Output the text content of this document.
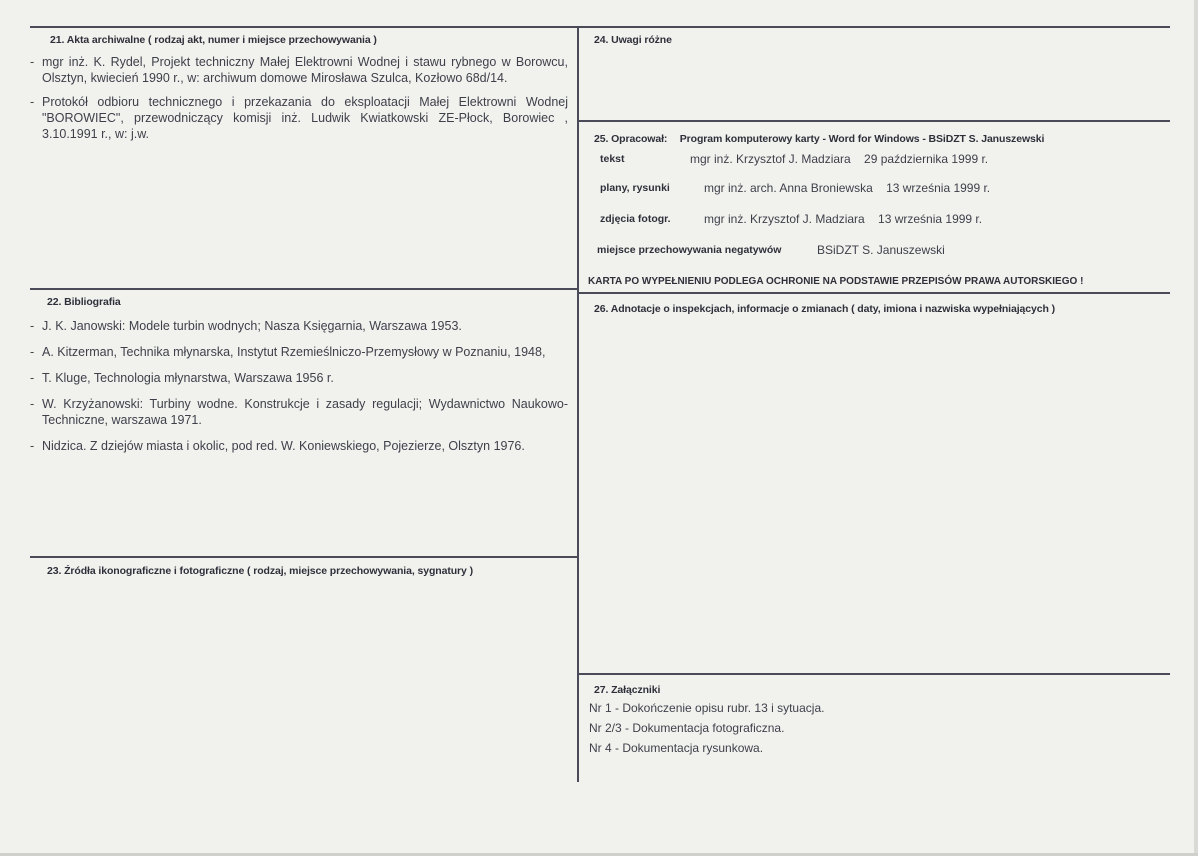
21. Akta archiwalne ( rodzaj akt, numer i miejsce przechowywania )
- mgr inż. K. Rydel, Projekt techniczny Małej Elektrowni Wodnej i stawu rybnego w Borowcu, Olsztyn, kwiecień 1990 r., w: archiwum domowe Mirosława Szulca, Kozłowo 68d/14.
- Protokół odbioru technicznego i przekazania do eksploatacji Małej Elektrowni Wodnej "BOROWIEC", przewodniczący komisji inż. Ludwik Kwiatkowski ZE-Płock, Borowiec , 3.10.1991 r., w: j.w.
22. Bibliografia
- J. K. Janowski: Modele turbin wodnych; Nasza Księgarnia, Warszawa 1953.
- A. Kitzerman, Technika młynarska, Instytut Rzemieślniczo-Przemysłowy w Poznaniu, 1948,
- T. Kluge, Technologia młynarstwa, Warszawa 1956 r.
- W. Krzyżanowski: Turbiny wodne. Konstrukcje i zasady regulacji; Wydawnictwo Naukowo-Techniczne, warszawa 1971.
- Nidzica. Z dziejów miasta i okolic, pod red. W. Koniewskiego, Pojezierze, Olsztyn 1976.
23. Źródła ikonograficzne i fotograficzne ( rodzaj, miejsce przechowywania, sygnatury )
24. Uwagi różne
25. Opracował: Program komputerowy karty - Word for Windows - BSiDZT S. Januszewski
tekst	mgr inż. Krzysztof J. Madziara    29 października 1999 r.
plany, rysunki	mgr inż. arch. Anna Broniewska    13 września 1999 r.
zdjęcia fotogr.	mgr inż. Krzysztof J. Madziara    13 września 1999 r.
miejsce przechowywania negatywów	BSiDZT S. Januszewski
KARTA PO WYPEŁNIENIU PODLEGA OCHRONIE NA PODSTAWIE PRZEPISÓW PRAWA AUTORSKIEGO !
26. Adnotacje o inspekcjach, informacje o zmianach ( daty, imiona i nazwiska wypełniających )
27. Załączniki
Nr 1 - Dokończenie opisu rubr. 13 i sytuacja.
Nr 2/3 - Dokumentacja fotograficzna.
Nr 4 - Dokumentacja rysunkowa.
